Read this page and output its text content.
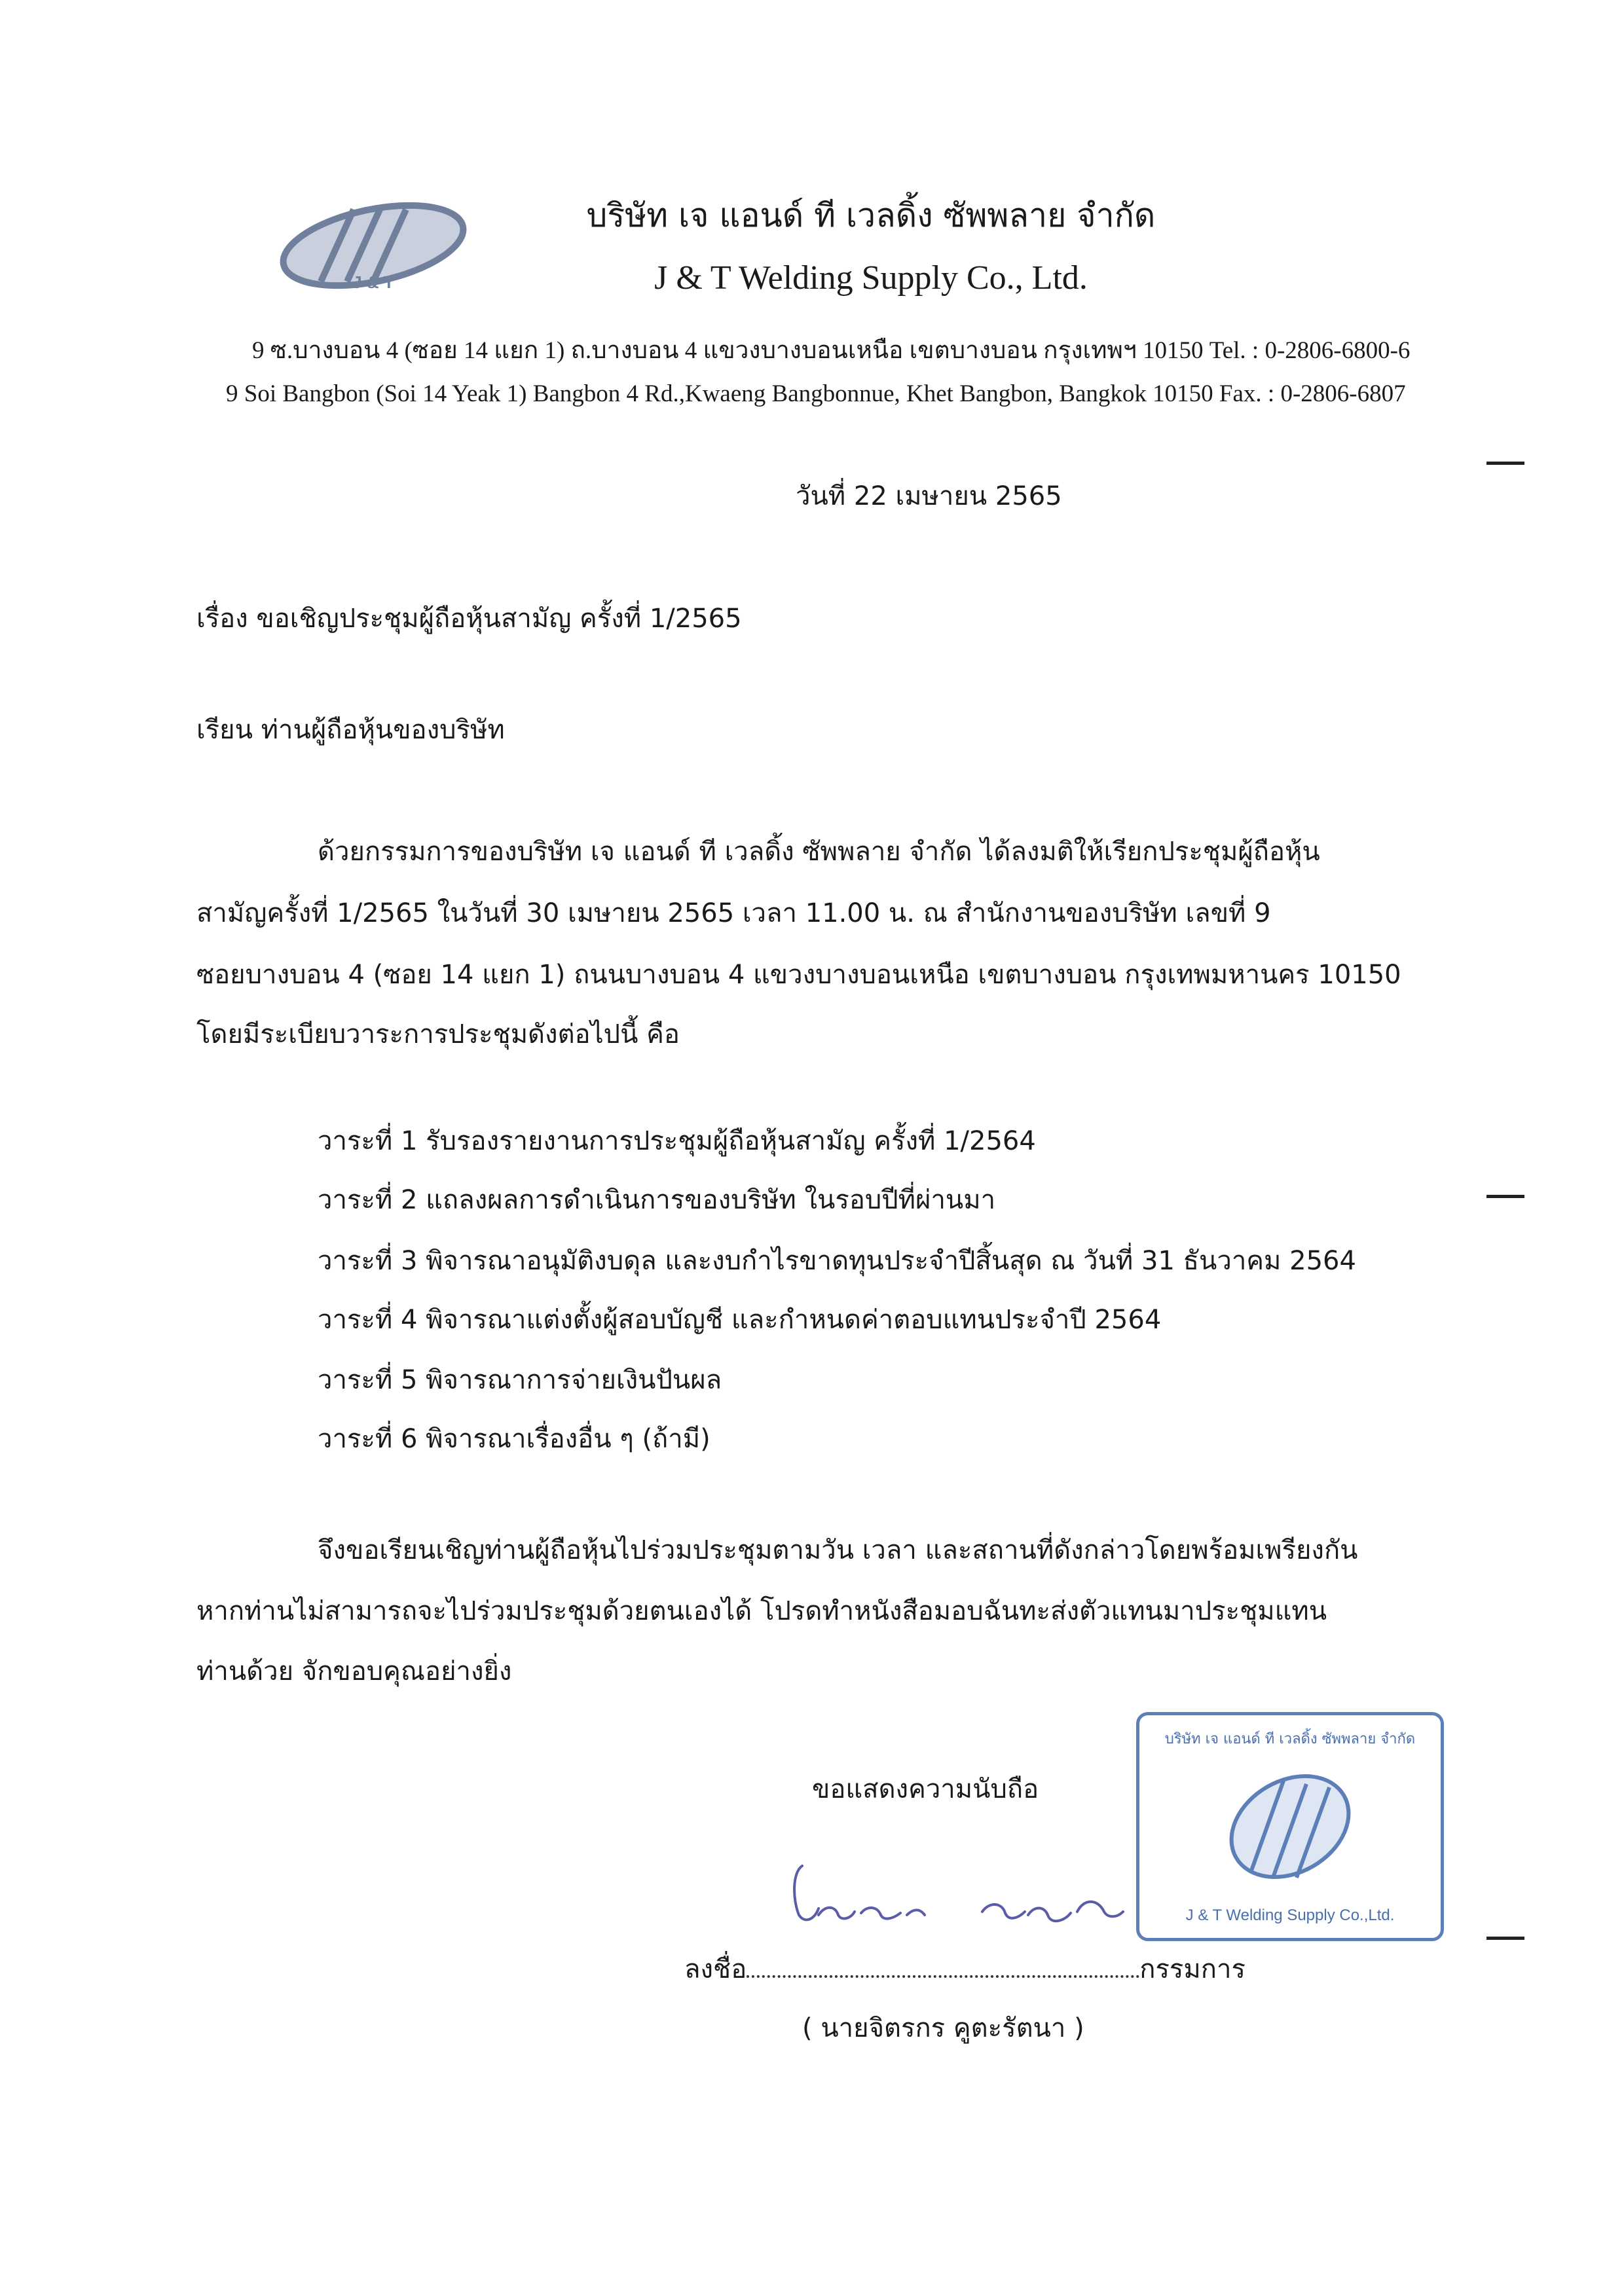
J & T
บริษัท เจ แอนด์ ที เวลดิ้ง ซัพพลาย จำกัด
J & T Welding Supply Co., Ltd.
9 ซ.บางบอน 4 (ซอย 14 แยก 1) ถ.บางบอน 4 แขวงบางบอนเหนือ เขตบางบอน กรุงเทพฯ 10150 Tel. : 0-2806-6800-6
9 Soi Bangbon (Soi 14 Yeak 1) Bangbon 4 Rd.,Kwaeng Bangbonnue, Khet Bangbon, Bangkok 10150 Fax. : 0-2806-6807
วันที่ 22 เมษายน 2565
เรื่อง ขอเชิญประชุมผู้ถือหุ้นสามัญ ครั้งที่ 1/2565
เรียน ท่านผู้ถือหุ้นของบริษัท
ด้วยกรรมการของบริษัท เจ แอนด์ ที เวลดิ้ง ซัพพลาย จำกัด ได้ลงมติให้เรียกประชุมผู้ถือหุ้น
สามัญครั้งที่ 1/2565 ในวันที่ 30 เมษายน 2565 เวลา 11.00 น. ณ สำนักงานของบริษัท เลขที่ 9
ซอยบางบอน 4 (ซอย 14 แยก 1) ถนนบางบอน 4 แขวงบางบอนเหนือ เขตบางบอน กรุงเทพมหานคร 10150
โดยมีระเบียบวาระการประชุมดังต่อไปนี้ คือ
วาระที่ 1 รับรองรายงานการประชุมผู้ถือหุ้นสามัญ ครั้งที่ 1/2564
วาระที่ 2 แถลงผลการดำเนินการของบริษัท ในรอบปีที่ผ่านมา
วาระที่ 3 พิจารณาอนุมัติงบดุล และงบกำไรขาดทุนประจำปีสิ้นสุด ณ วันที่ 31 ธันวาคม 2564
วาระที่ 4 พิจารณาแต่งตั้งผู้สอบบัญชี และกำหนดค่าตอบแทนประจำปี 2564
วาระที่ 5 พิจารณาการจ่ายเงินปันผล
วาระที่ 6 พิจารณาเรื่องอื่น ๆ (ถ้ามี)
จึงขอเรียนเชิญท่านผู้ถือหุ้นไปร่วมประชุมตามวัน เวลา และสถานที่ดังกล่าวโดยพร้อมเพรียงกัน
หากท่านไม่สามารถจะไปร่วมประชุมด้วยตนเองได้ โปรดทำหนังสือมอบฉันทะส่งตัวแทนมาประชุมแทน
ท่านด้วย จักขอบคุณอย่างยิ่ง
ขอแสดงความนับถือ
บริษัท เจ แอนด์ ที เวลดิ้ง ซัพพลาย จำกัด
J & T Welding Supply Co.,Ltd.
ลงชื่อ	กรรมการ
( นายจิตรกร คูตะรัตนา )
